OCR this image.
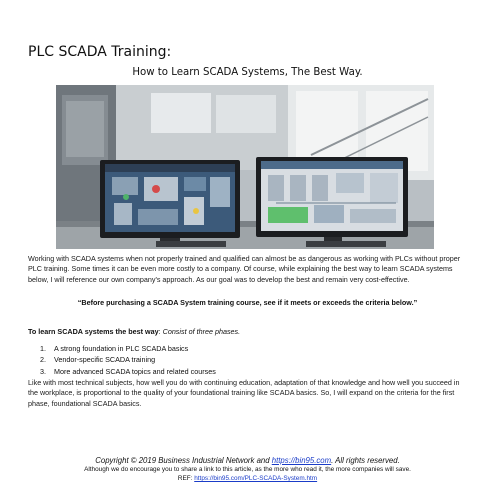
PLC SCADA Training:
How to Learn SCADA Systems, The Best Way.
Working with SCADA systems when not properly trained and qualified can almost be as dangerous as working with PLCs without proper PLC training. Some times it can be even more costly to a company. Of course, while explaining the best way to learn SCADA systems below, I will reference our own company's approach. As our goal was to develop the best and remain very cost-effective.
“Before purchasing a SCADA System training course, see if it meets or exceeds the criteria below.”
To learn SCADA systems the best way: Consist of three phases.
1. A strong foundation in PLC SCADA basics
2. Vendor-specific SCADA training
3. More advanced SCADA topics and related courses
Like with most technical subjects, how well you do with continuing education, adaptation of that knowledge and how well you succeed in the workplace, is proportional to the quality of your foundational training like SCADA basics. So, I will expand on the criteria for the first phase, foundational SCADA basics.
Copyright © 2019 Business Industrial Network and https://bin95.com. All rights reserved.
Although we do encourage you to share a link to this article, as the more who read it, the more companies will save.
REF: https://bin95.com/PLC-SCADA-System.htm
